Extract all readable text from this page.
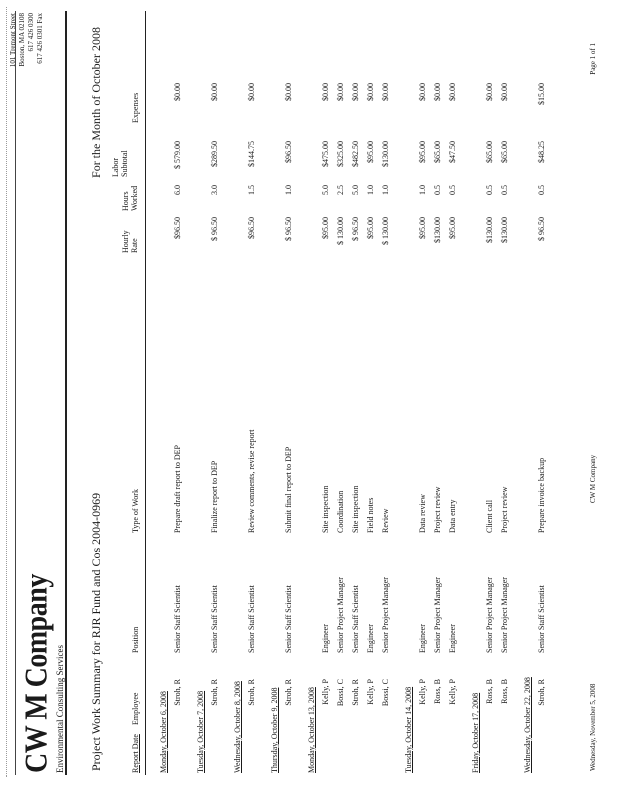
CW M Company Environmental Consulting Services
101 Tremont Street Boston, MA 02108 617 426 0300 617 426 0301 Fax
Project Work Summary for RJR Fund and Cos 2004-0969
For the Month of October 2008
Report Date
Employee
Position
Type of Work
Hourly Rate
Hours Worked
Labor Subtotal
Expenses
Monday, October 6, 2008 Stroh, R
Senior Staff Scientist
Prepare draft report to DEP
$96.50
6.0
$ 579.00
$0.00
Tuesday, October 7, 2008 Stroh, R
Senior Staff Scientist
Finalize report to DEP
$ 96.50
3.0
$289.50
$0.00
Wednesday, October 8, 2008 Stroh, R
Senior Staff Scientist
Review comments, revise report
$96.50
1.5
$144.75
$0.00
Thursday, October 9, 2008 Stroh, R
Senior Staff Scientist
Submit final report to DEP
$ 96.50
1.0
$96.50
$0.00
Monday, October 13, 2008 Kelly, P
Engineer
Site inspection
$95.00
5.0
$475.00
$0.00
Bossi, C
Senior Project Manager
Coordination
$ 130.00
2.5
$325.00
$0.00
Stroh, R
Senior Staff Scientist
Site inspection
$ 96.50
5.0
$482.50
$0.00
Kelly, P
Engineer
Field notes
$95.00
1.0
$95.00
$0.00
Bossi, C
Senior Project Manager
Review
$ 130.00
1.0
$130.00
$0.00
Tuesday, October 14, 2008 Kelly, P
Engineer
Data review
$95.00
1.0
$95.00
$0.00
Ross, B
Senior Project Manager
Project review
$130.00
0.5
$65.00
$0.00
Kelly, P
Engineer
Data entry
$95.00
0.5
$47.50
$0.00
Friday, October 17, 2008
Ross, B
Senior Project Manager
Client call
$130.00
0.5
$65.00
$0.00
Ross, B
Senior Project Manager
Project review
$130.00
0.5
$65.00
$0.00
Wednesday, October 22, 2008 Stroh, R
Senior Staff Scientist
Prepare invoice backup
$ 96.50
0.5
$48.25
$15.00
Wednesday, November 5, 2008
CW M Company
Page 1 of 1
